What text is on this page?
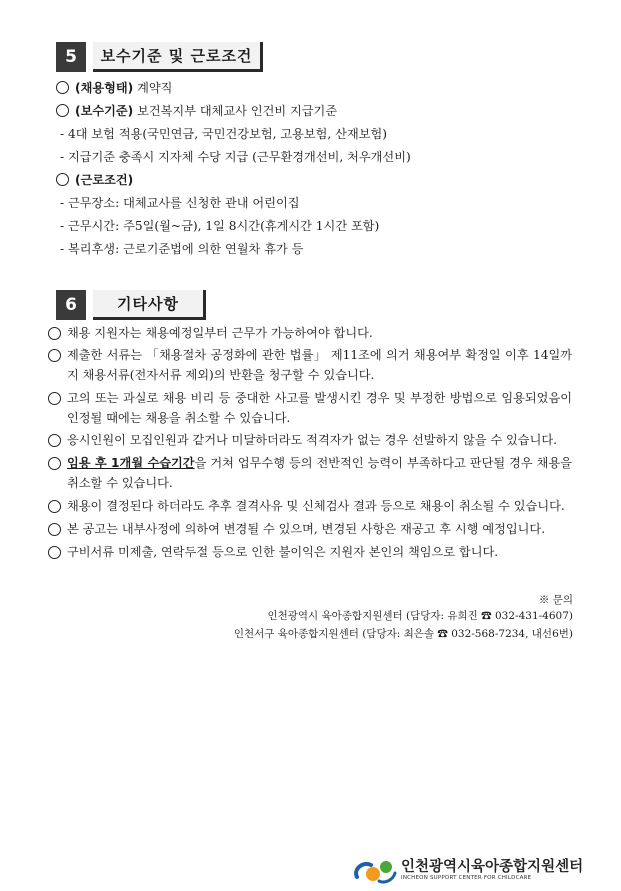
5	보수기준 및 근로조건
(채용형태) 계약직
(보수기준) 보건복지부 대체교사 인건비 지급기준
- 4대 보험 적용(국민연금, 국민건강보험, 고용보험, 산재보험)
- 지급기준 충족시 지자체 수당 지급 (근무환경개선비, 처우개선비)
(근로조건)
- 근무장소: 대체교사를 신청한 관내 어린이집
- 근무시간: 주5일(월~금), 1일 8시간(휴게시간 1시간 포함)
- 복리후생: 근로기준법에 의한 연월차 휴가 등
6	기타사항
채용 지원자는 채용예정일부터 근무가 가능하여야 합니다.
제출한 서류는 「채용절차 공정화에 관한 법률」 제11조에 의거 채용여부 확정일 이후 14일까지 채용서류(전자서류 제외)의 반환을 청구할 수 있습니다.
고의 또는 과실로 채용 비리 등 중대한 사고를 발생시킨 경우 및 부정한 방법으로 임용되었음이 인정될 때에는 채용을 취소할 수 있습니다.
응시인원이 모집인원과 같거나 미달하더라도 적격자가 없는 경우 선발하지 않을 수 있습니다.
임용 후 1개월 수습기간을 거쳐 업무수행 등의 전반적인 능력이 부족하다고 판단될 경우 채용을 취소할 수 있습니다.
채용이 결정된다 하더라도 추후 결격사유 및 신체검사 결과 등으로 채용이 취소될 수 있습니다.
본 공고는 내부사정에 의하여 변경될 수 있으며, 변경된 사항은 재공고 후 시행 예정입니다.
구비서류 미제출, 연락두절 등으로 인한 불이익은 지원자 본인의 책임으로 합니다.
※ 문의
인천광역시 육아종합지원센터 (담당자: 유희진 ☎ 032-431-4607)
인천서구 육아종합지원센터 (담당자: 최은솔 ☎ 032-568-7234, 내선6번)
인천광역시육아종합지원센터
INCHEON SUPPORT CENTER FOR CHILDCARE
